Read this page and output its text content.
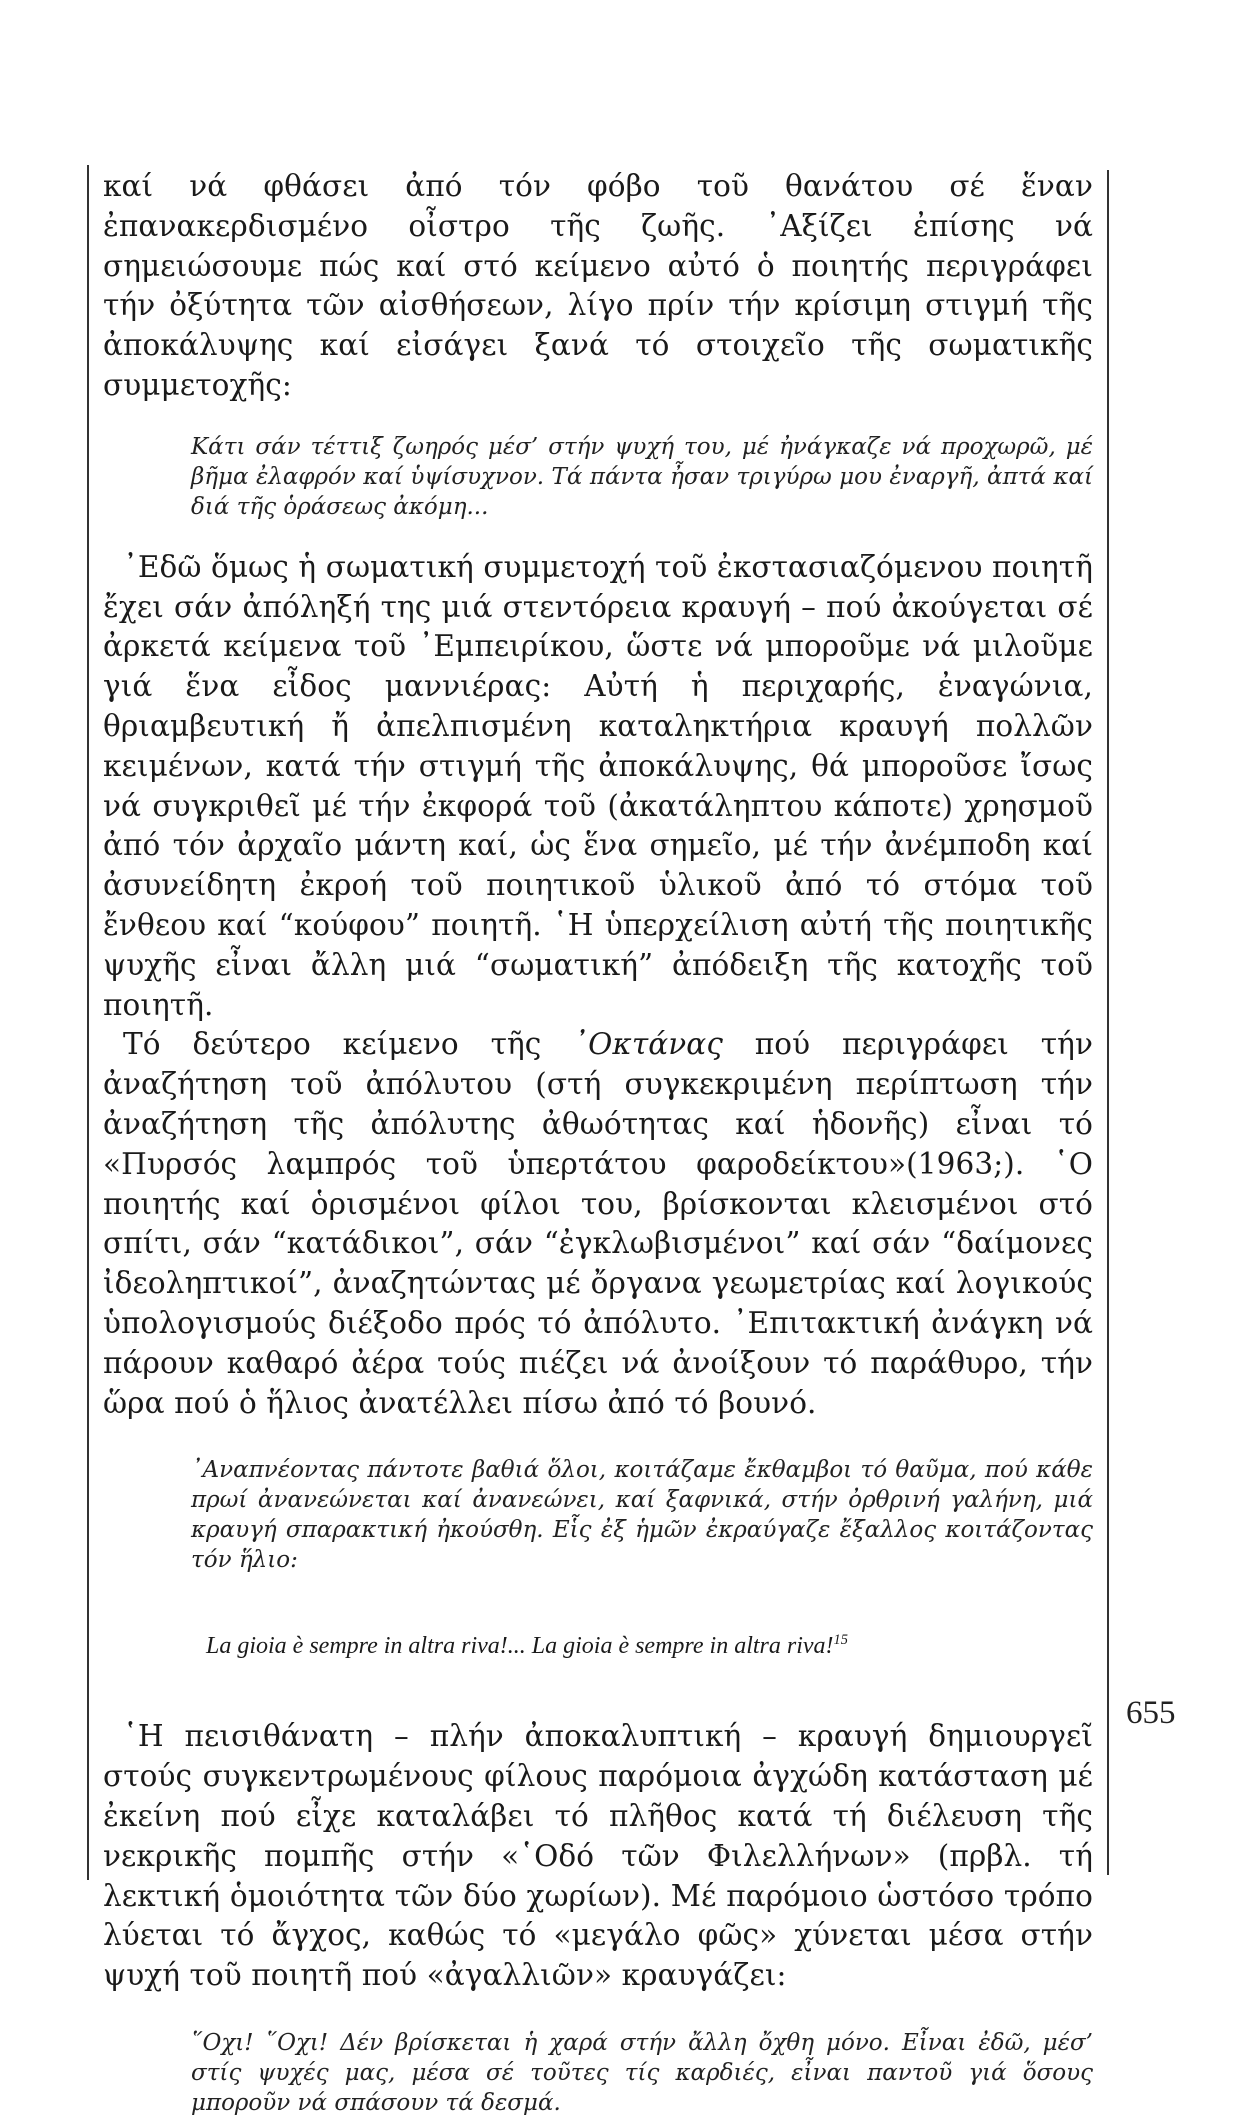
καί νά φθάσει ἀπό τόν φόβο τοῦ θανάτου σέ ἕναν ἐπανακερδισμένο οἶστρο τῆς ζωῆς. ᾿Αξίζει ἐπίσης νά σημειώσουμε πώς καί στό κείμενο αὐτό ὁ ποιητής περιγράφει τήν ὀξύτητα τῶν αἰσθήσεων, λίγο πρίν τήν κρίσιμη στιγμή τῆς ἀποκάλυψης καί εἰσάγει ξανά τό στοιχεῖο τῆς σωματικῆς συμμετοχῆς:

Κάτι σάν τέττιξ ζωηρός μέσ’ στήν ψυχή του, μέ ἠνάγκαζε νά προχωρῶ, μέ βῆμα ἐλαφρόν καί ὑψίσυχνον. Τά πάντα ἦσαν τριγύρω μου ἐναργῆ, ἀπτά καί διά τῆς ὁράσεως ἀκόμη...

᾿Εδῶ ὅμως ἡ σωματική συμμετοχή τοῦ ἐκστασιαζόμενου ποιητῆ ἔχει σάν ἀπόληξή της μιά στεντόρεια κραυγή – πού ἀκούγεται σέ ἀρκετά κείμενα τοῦ ᾿Εμπειρίκου, ὥστε νά μποροῦμε νά μιλοῦμε γιά ἕνα εἶδος μαννιέρας: Αὐτή ἡ περιχαρής, ἐναγώνια, θριαμβευτική ἤ ἀπελπισμένη καταληκτήρια κραυγή πολλῶν κειμένων, κατά τήν στιγμή τῆς ἀποκάλυψης, θά μποροῦσε ἴσως νά συγκριθεῖ μέ τήν ἐκφορά τοῦ (ἀκατάληπτου κάποτε) χρησμοῦ ἀπό τόν ἀρχαῖο μάντη καί, ὡς ἕνα σημεῖο, μέ τήν ἀνέμποδη καί ἀσυνείδητη ἐκροή τοῦ ποιητικοῦ ὑλικοῦ ἀπό τό στόμα τοῦ ἔνθεου καί “κούφου” ποιητῆ. ῾Η ὑπερχείλιση αὐτή τῆς ποιητικῆς ψυχῆς εἶναι ἄλλη μιά “σωματική” ἀπόδειξη τῆς κατοχῆς τοῦ ποιητῆ.

Τό δεύτερο κείμενο τῆς ᾿Οκτάνας πού περιγράφει τήν ἀναζήτηση τοῦ ἀπόλυτου (στή συγκεκριμένη περίπτωση τήν ἀναζήτηση τῆς ἀπόλυτης ἀθωότητας καί ἡδονῆς) εἶναι τό «Πυρσός λαμπρός τοῦ ὑπερτάτου φαροδείκτου»(1963;). ῾Ο ποιητής καί ὁρισμένοι φίλοι του, βρίσκονται κλεισμένοι στό σπίτι, σάν “κατάδικοι”, σάν “ἐγκλωβισμένοι” καί σάν “δαίμονες ἰδεοληπτικοί”, ἀναζητώντας μέ ὄργανα γεωμετρίας καί λογικούς ὑπολογισμούς διέξοδο πρός τό ἀπόλυτο. ᾿Επιτακτική ἀνάγκη νά πάρουν καθαρό ἀέρα τούς πιέζει νά ἀνοίξουν τό παράθυρο, τήν ὥρα πού ὁ ἥλιος ἀνατέλλει πίσω ἀπό τό βουνό.

᾿Αναπνέοντας πάντοτε βαθιά ὅλοι, κοιτάζαμε ἔκθαμβοι τό θαῦμα, πού κάθε πρωί ἀνανεώνεται καί ἀνανεώνει, καί ξαφνικά, στήν ὀρθρινή γαλήνη, μιά κραυγή σπαρακτική ἠκούσθη. Εἷς ἐξ ἡμῶν ἐκραύγαζε ἔξαλλος κοιτάζοντας τόν ἥλιο:

La gioia è sempre in altra riva!... La gioia è sempre in altra riva!$^{15}$

῾Η πεισιθάνατη – πλήν ἀποκαλυπτική – κραυγή δημιουργεῖ στούς συγκεντρωμένους φίλους παρόμοια ἀγχώδη κατάσταση μέ ἐκείνη πού εἶχε καταλάβει τό πλῆθος κατά τή διέλευση τῆς νεκρικῆς πομπῆς στήν «῾Οδό τῶν Φιλελλήνων» (πρβλ. τή λεκτική ὁμοιότητα τῶν δύο χωρίων). Μέ παρόμοιο ὡστόσο τρόπο λύεται τό ἄγχος, καθώς τό «μεγάλο φῶς» χύνεται μέσα στήν ψυχή τοῦ ποιητῆ πού «ἀγαλλιῶν» κραυγάζει:

῞Οχι! ῞Οχι! Δέν βρίσκεται ἡ χαρά στήν ἄλλη ὄχθη μόνο. Εἶναι ἐδῶ, μέσ’ στίς ψυχές μας, μέσα σέ τοῦτες τίς καρδιές, εἶναι παντοῦ γιά ὅσους μποροῦν νά σπάσουν τά δεσμά.

655
